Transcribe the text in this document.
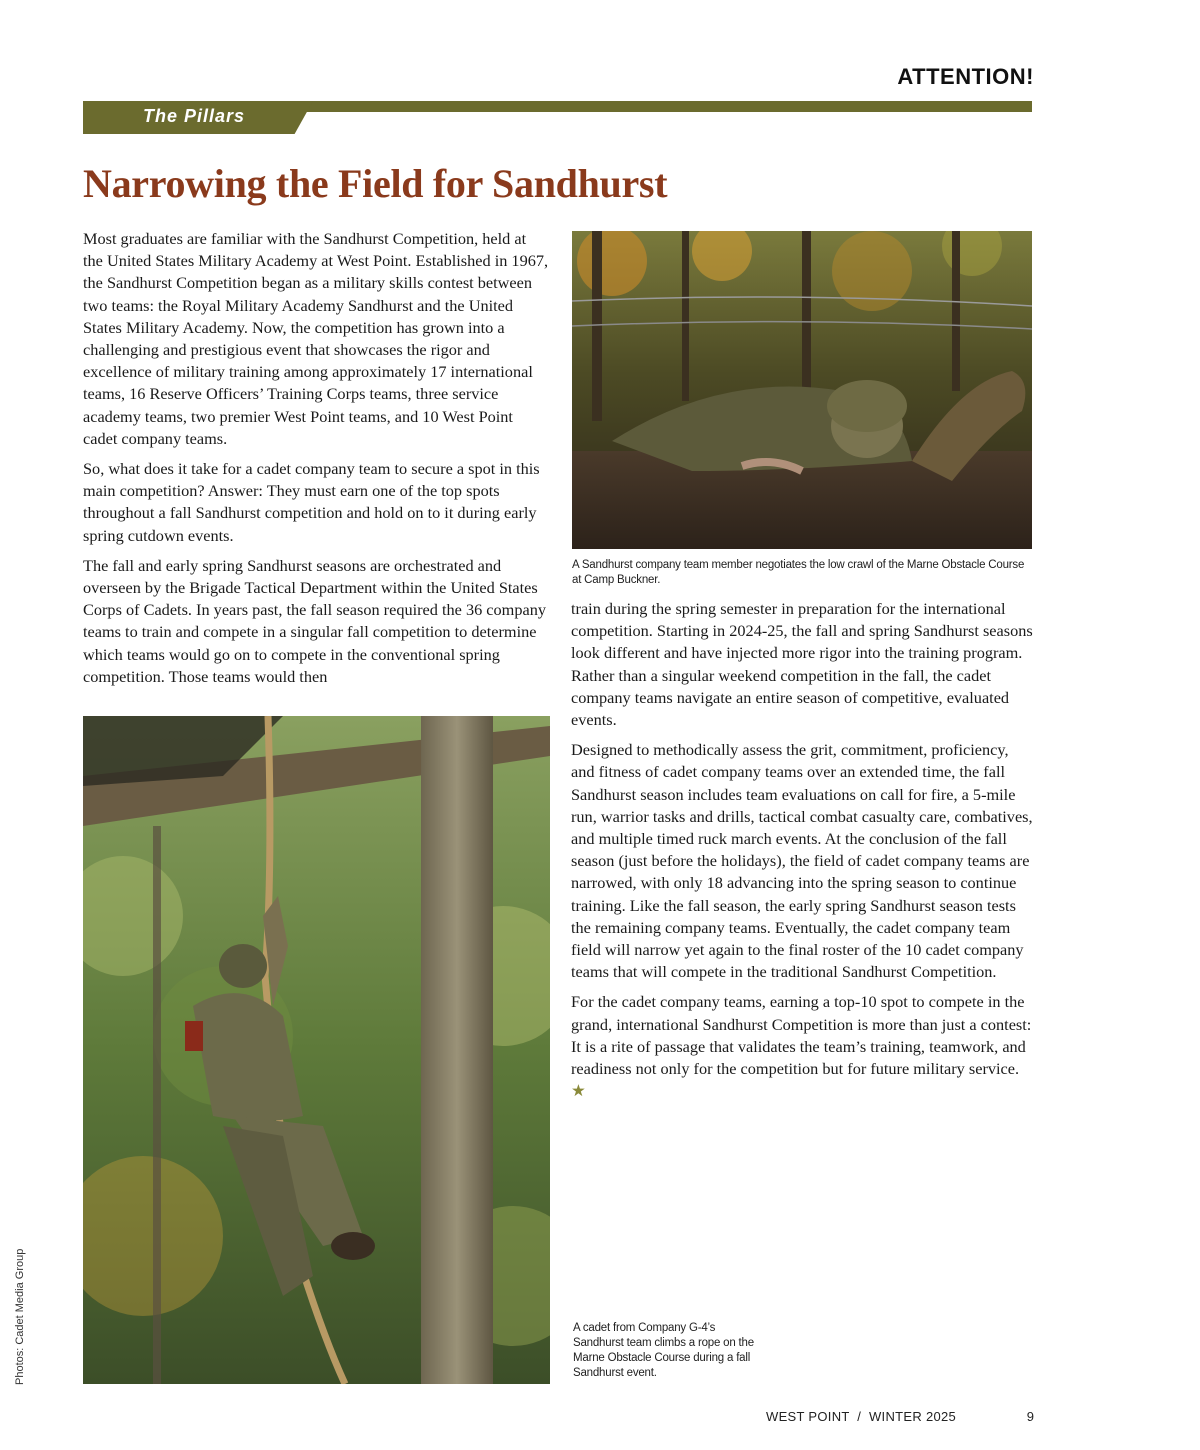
ATTENTION!
The Pillars
Narrowing the Field for Sandhurst

Most graduates are familiar with the Sandhurst Competition, held at the United States Military Academy at West Point. Established in 1967, the Sandhurst Competition began as a military skills contest between two teams: the Royal Military Academy Sandhurst and the United States Military Academy. Now, the competition has grown into a challenging and prestigious event that showcases the rigor and excellence of military training among approximately 17 international teams, 16 Reserve Officers’ Training Corps teams, three service academy teams, two premier West Point teams, and 10 West Point cadet company teams.

So, what does it take for a cadet company team to secure a spot in this main competition? Answer: They must earn one of the top spots throughout a fall Sandhurst competition and hold on to it during early spring cutdown events.

The fall and early spring Sandhurst seasons are orchestrated and overseen by the Brigade Tactical Department within the United States Corps of Cadets. In years past, the fall season required the 36 company teams to train and compete in a singular fall competition to determine which teams would go on to compete in the conventional spring competition. Those teams would then

A Sandhurst company team member negotiates the low crawl of the Marne Obstacle Course at Camp Buckner.

train during the spring semester in preparation for the international competition. Starting in 2024-25, the fall and spring Sandhurst seasons look different and have injected more rigor into the training program. Rather than a singular weekend competition in the fall, the cadet company teams navigate an entire season of competitive, evaluated events.

Designed to methodically assess the grit, commitment, proficiency, and fitness of cadet company teams over an extended time, the fall Sandhurst season includes team evaluations on call for fire, a 5-mile run, warrior tasks and drills, tactical combat casualty care, combatives, and multiple timed ruck march events. At the conclusion of the fall season (just before the holidays), the field of cadet company teams are narrowed, with only 18 advancing into the spring season to continue training. Like the fall season, the early spring Sandhurst season tests the remaining company teams. Eventually, the cadet company team field will narrow yet again to the final roster of the 10 cadet company teams that will compete in the traditional Sandhurst Competition.

For the cadet company teams, earning a top-10 spot to compete in the grand, international Sandhurst Competition is more than just a contest: It is a rite of passage that validates the team’s training, teamwork, and readiness not only for the competition but for future military service. ★

A cadet from Company G-4’s Sandhurst team climbs a rope on the Marne Obstacle Course during a fall Sandhurst event.
Photos: Cadet Media Group
WEST POINT  /  WINTER 2025	9
